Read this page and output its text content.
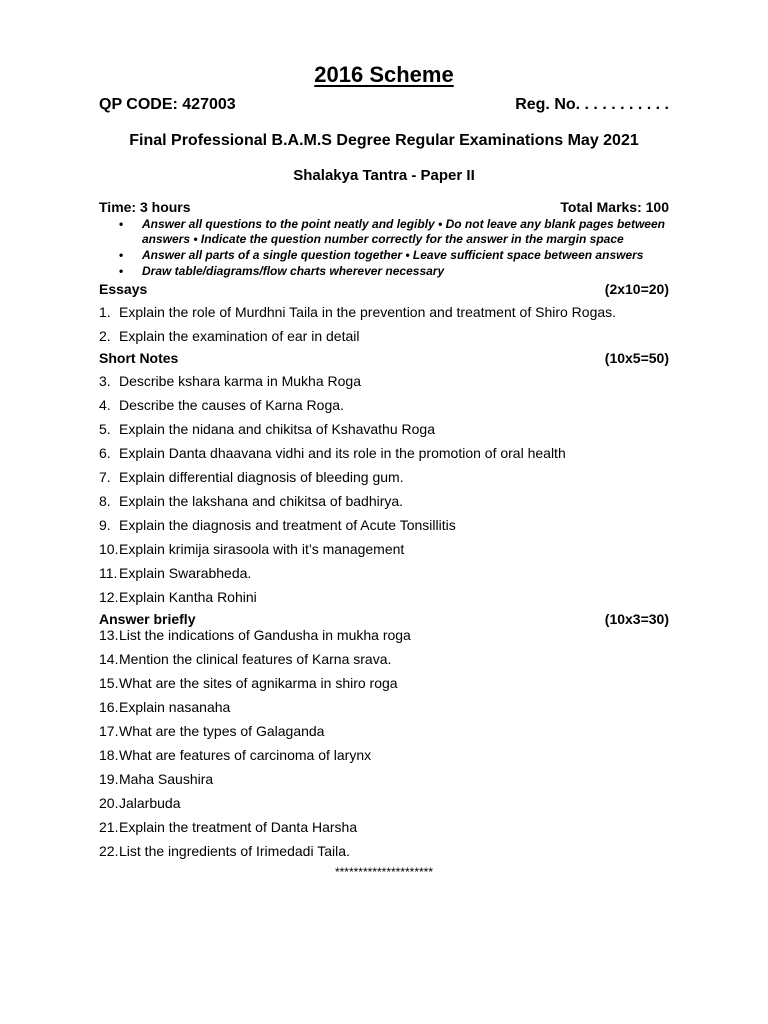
2016 Scheme
QP CODE: 427003	Reg. No. . . . . . . . . . .
Final Professional B.A.M.S Degree Regular Examinations May 2021
Shalakya Tantra - Paper II
Time: 3 hours	Total Marks: 100
• Answer all questions to the point neatly and legibly • Do not leave any blank pages between answers • Indicate the question number correctly for the answer in the margin space
• Answer all parts of a single question together • Leave sufficient space between answers
• Draw table/diagrams/flow charts wherever necessary
Essays	(2x10=20)
1. Explain the role of Murdhni Taila in the prevention and treatment of Shiro Rogas.
2. Explain the examination of ear in detail
Short Notes	(10x5=50)
3. Describe kshara karma in Mukha Roga
4. Describe the causes of Karna Roga.
5. Explain the nidana and chikitsa of Kshavathu Roga
6. Explain Danta dhaavana vidhi and its role in the promotion of oral health
7. Explain differential diagnosis of bleeding gum.
8. Explain the lakshana and chikitsa of badhirya.
9. Explain the diagnosis and treatment of Acute Tonsillitis
10. Explain krimija sirasoola with it’s management
11. Explain Swarabheda.
12. Explain Kantha Rohini
Answer briefly	(10x3=30)
13. List the indications of Gandusha in mukha roga
14. Mention the clinical features of Karna srava.
15. What are the sites of agnikarma in shiro roga
16. Explain nasanaha
17. What are the types of Galaganda
18. What are features of carcinoma of larynx
19. Maha Saushira
20. Jalarbuda
21. Explain the treatment of Danta Harsha
22. List the ingredients of Irimedadi Taila.
*********************
